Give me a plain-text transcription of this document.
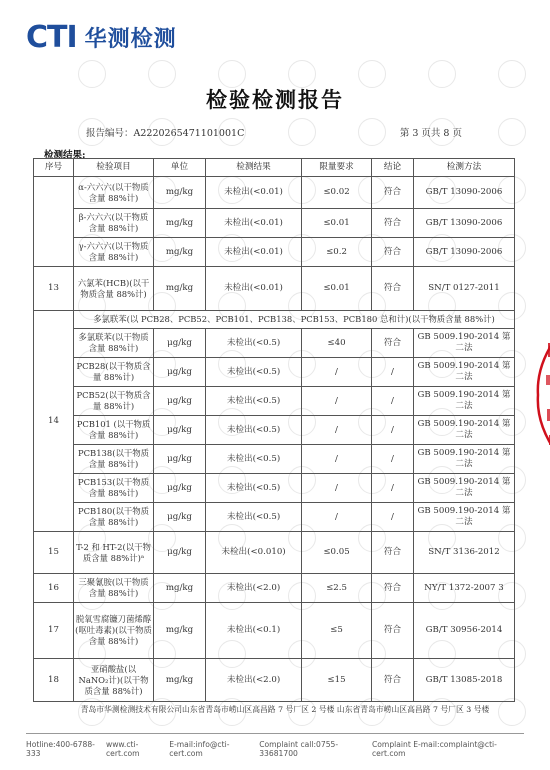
CTI 华测检测
检验检测报告
报告编号：A2220265471101001C	第 3 页共 8 页
检测结果:
序号	检验项目	单位	检测结果	限量要求	结论	检测方法
	α-六六六(以干物质含量 88%计)	mg/kg	未检出(<0.01)	≤0.02	符合	GB/T 13090-2006
	β-六六六(以干物质含量 88%计)	mg/kg	未检出(<0.01)	≤0.01	符合	GB/T 13090-2006
	γ-六六六(以干物质含量 88%计)	mg/kg	未检出(<0.01)	≤0.2	符合	GB/T 13090-2006
13	六氯苯(HCB)(以干物质含量 88%计)	mg/kg	未检出(<0.01)	≤0.01	符合	SN/T 0127-2011
14	多氯联苯(以 PCB28、PCB52、PCB101、PCB138、PCB153、PCB180 总和计)(以干物质含量 88%计)					
	多氯联苯(以干物质含量 88%计)	μg/kg	未检出(<0.5)	≤40	符合	GB 5009.190-2014 第二法
	PCB28(以干物质含量 88%计)	μg/kg	未检出(<0.5)	/	/	GB 5009.190-2014 第二法
	PCB52(以干物质含量 88%计)	μg/kg	未检出(<0.5)	/	/	GB 5009.190-2014 第二法
	PCB101 (以干物质含量 88%计)	μg/kg	未检出(<0.5)	/	/	GB 5009.190-2014 第二法
	PCB138(以干物质含量 88%计)	μg/kg	未检出(<0.5)	/	/	GB 5009.190-2014 第二法
	PCB153(以干物质含量 88%计)	μg/kg	未检出(<0.5)	/	/	GB 5009.190-2014 第二法
	PCB180(以干物质含量 88%计)	μg/kg	未检出(<0.5)	/	/	GB 5009.190-2014 第二法
15	T-2 和 HT-2(以干物质含量 88%计)ᵃ	μg/kg	未检出(<0.010)	≤0.05	符合	SN/T 3136-2012
16	三聚氰胺(以干物质含量 88%计)	mg/kg	未检出(<2.0)	≤2.5	符合	NY/T 1372-2007 3
17	脱氧雪腐镰刀菌烯醇(呕吐毒素)(以干物质含量 88%计)	mg/kg	未检出(<0.1)	≤5	符合	GB/T 30956-2014
18	亚硝酸盐(以 NaNO₂计)(以干物质含量 88%计)	mg/kg	未检出(<2.0)	≤15	符合	GB/T 13085-2018
青岛市华测检测技术有限公司山东省青岛市崂山区高昌路 7 号厂区 2 号楼 山东省青岛市崂山区高昌路 7 号厂区 3 号楼
Hotline:400-6788-333
www.cti-cert.com
E-mail:info@cti-cert.com
Complaint call:0755-33681700
Complaint E-mail:complaint@cti-cert.com
